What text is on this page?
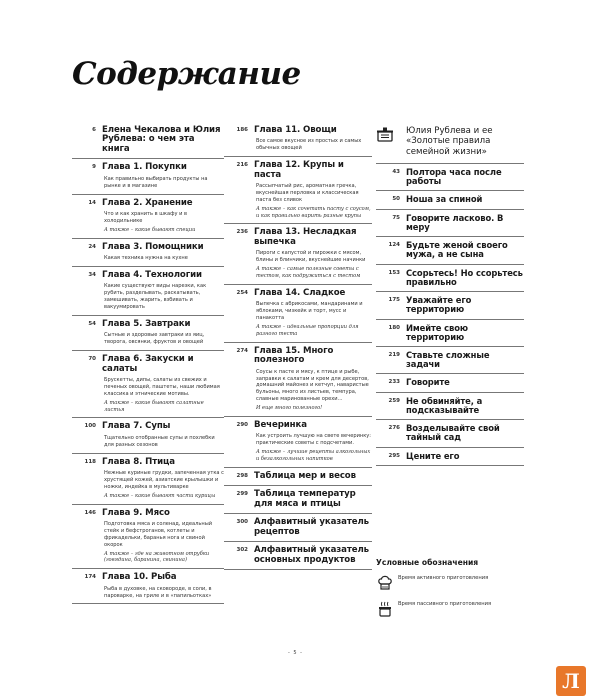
Содержание
6 Елена Чекалова и Юлия Рублева: о чем эта книга
9 Глава 1. Покупки
Как правильно выбирать продукты на рынке и в магазине
14 Глава 2. Хранение
Что и как хранить в шкафу и в холодильнике
А также – какие бывают специи
24 Глава 3. Помощники
Какая техника нужна на кухне
34 Глава 4. Технологии
Какие существуют виды нарезки, как рубить, разделывать, раскатывать, замешивать, жарить, взбивать и вакуумировать
54 Глава 5. Завтраки
Сытные и здоровые завтраки из яиц, творога, овсянки, фруктов и овощей
70 Глава 6. Закуски и салаты
Брускетты, дипы, салаты из свежих и печеных овощей, паштеты, наши любимая классика и этнические мотивы.
А также – какие бывают салатные листья
100 Глава 7. Супы
Тщательно отобранные супы и похлебки для разных сезонов
118 Глава 8. Птица
Нежные куриные грудки, запеченная утка с хрустящей кожей, азиатские крылышки и ножки, индейка в мультиварке
А также – какие бывают части курицы
146 Глава 9. Мясо
Подготовка мяса и соленад, идеальный стейк и бефстроганов, котлеты и фрикадельки, баранья нога и свиной окорок
А также – где на животном отрубки (говядина, баранина, свинина)
174 Глава 10. Рыба
Рыба в духовке, на сковороде, в соли, в пароварке, на гриле и в «папильотках»
186 Глава 11. Овощи
Все самое вкусное из простых и самых обычных овощей
216 Глава 12. Крупы и паста
Рассыпчатый рис, ароматная гречка, вкуснейшая перловка и классическая паста без сливок
А также – как сочетать пасту с соусом, и как правильно варить разные крупы
236 Глава 13. Несладкая выпечка
Пироги с капустой и пирожки с мясом, блины и блинчики, вкуснейшие начинки
А также – самые полезные советы с тестом, как подружиться с тестом
254 Глава 14. Сладкое
Выпечка с абрикосами, мандаринами и яблоками, чизкейк и торт, мусс и панакотта
А также – идеальные пропорции для разного теста
274 Глава 15. Много полезного
Соусы к пасте и мясу, к птице и рыбе, заправки к салатам и крем для десертов, домашний майонез и кетчуп, наваристые бульоны, много из листьев, темпура, славные маринованные орехи...
И еще много полезного!
290 Вечеринка
Как устроить лучшую на свете вечеринку: практические советы с подсчетами.
А также – лучшие рецепты алкогольных и безалкогольных напитков
298 Таблица мер и весов
299 Таблица температур для мяса и птицы
300 Алфавитный указатель рецептов
302 Алфавитный указатель основных продуктов
Юлия Рублева и ее «Золотые правила семейной жизни»
43 Полтора часа после работы
50 Ноша за спиной
75 Говорите ласково. В меру
124 Будьте женой своего мужа, а не сына
153 Ссорьтесь! Но ссорьтесь правильно
175 Уважайте его территорию
180 Имейте свою территорию
219 Ставьте сложные задачи
233 Говорите
259 Не обвиняйте, а подсказывайте
276 Возделывайте свой тайный сад
295 Цените его
Условные обозначения
Время активного приготовления
Время пассивного приготовления
- 5 -
Л
